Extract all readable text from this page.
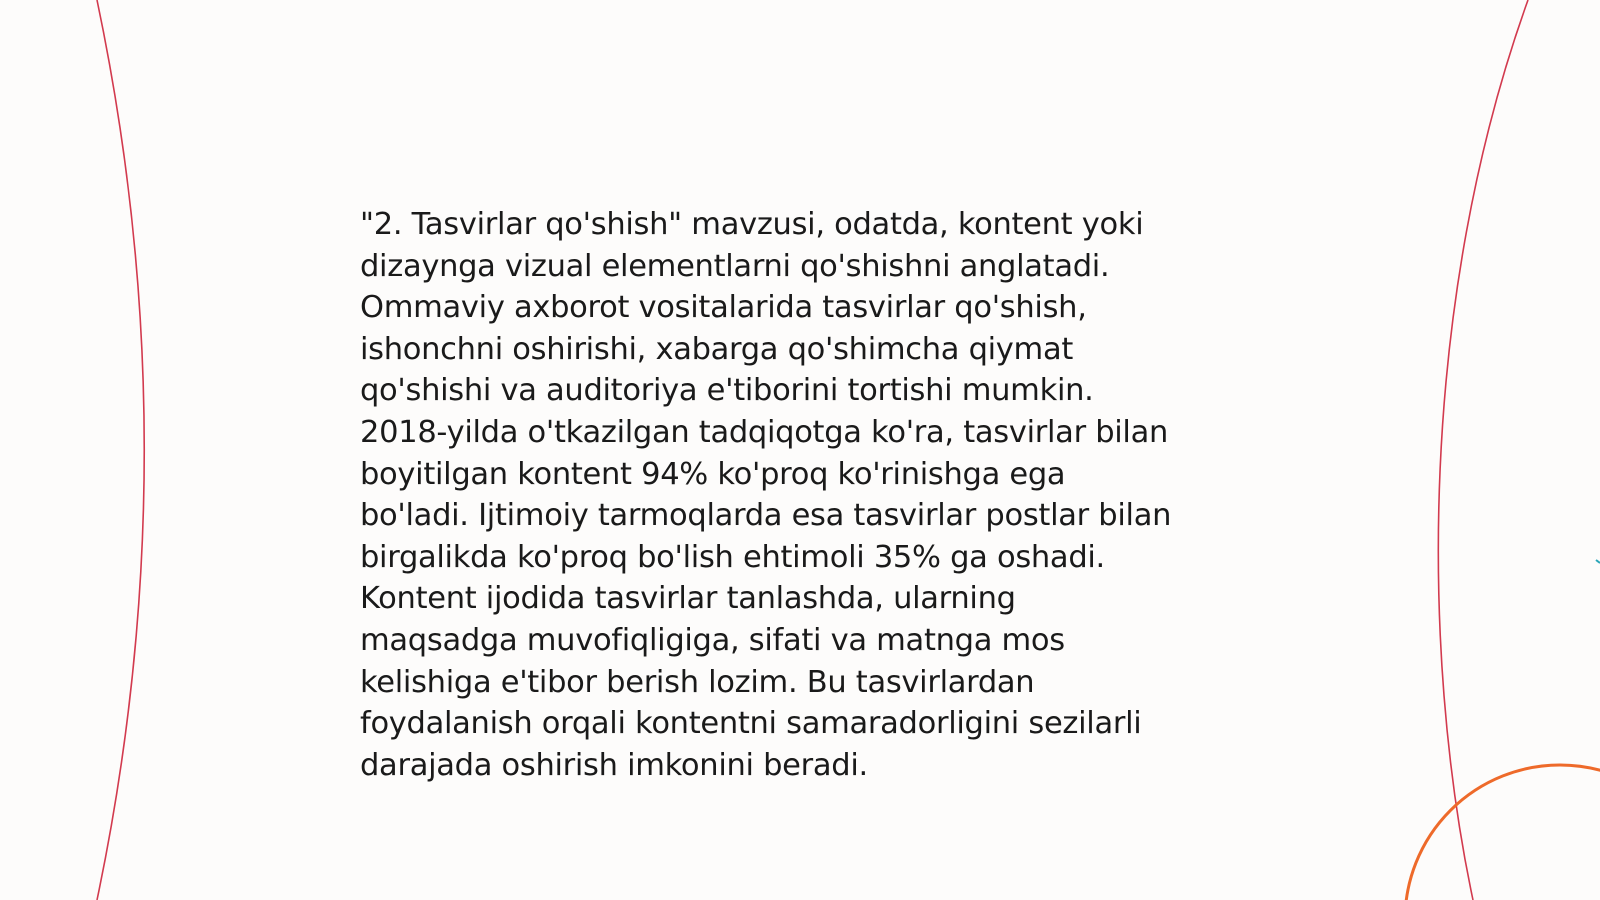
"2. Tasvirlar qo'shish" mavzusi, odatda, kontent yoki
dizaynga vizual elementlarni qo'shishni anglatadi.
Ommaviy axborot vositalarida tasvirlar qo'shish,
ishonchni oshirishi, xabarga qo'shimcha qiymat
qo'shishi va auditoriya e'tiborini tortishi mumkin.
2018-yilda o'tkazilgan tadqiqotga ko'ra, tasvirlar bilan
boyitilgan kontent 94% ko'proq ko'rinishga ega
bo'ladi. Ijtimoiy tarmoqlarda esa tasvirlar postlar bilan
birgalikda ko'proq bo'lish ehtimoli 35% ga oshadi.
Kontent ijodida tasvirlar tanlashda, ularning
maqsadga muvofiqligiga, sifati va matnga mos
kelishiga e'tibor berish lozim. Bu tasvirlardan
foydalanish orqali kontentni samaradorligini sezilarli
darajada oshirish imkonini beradi.
